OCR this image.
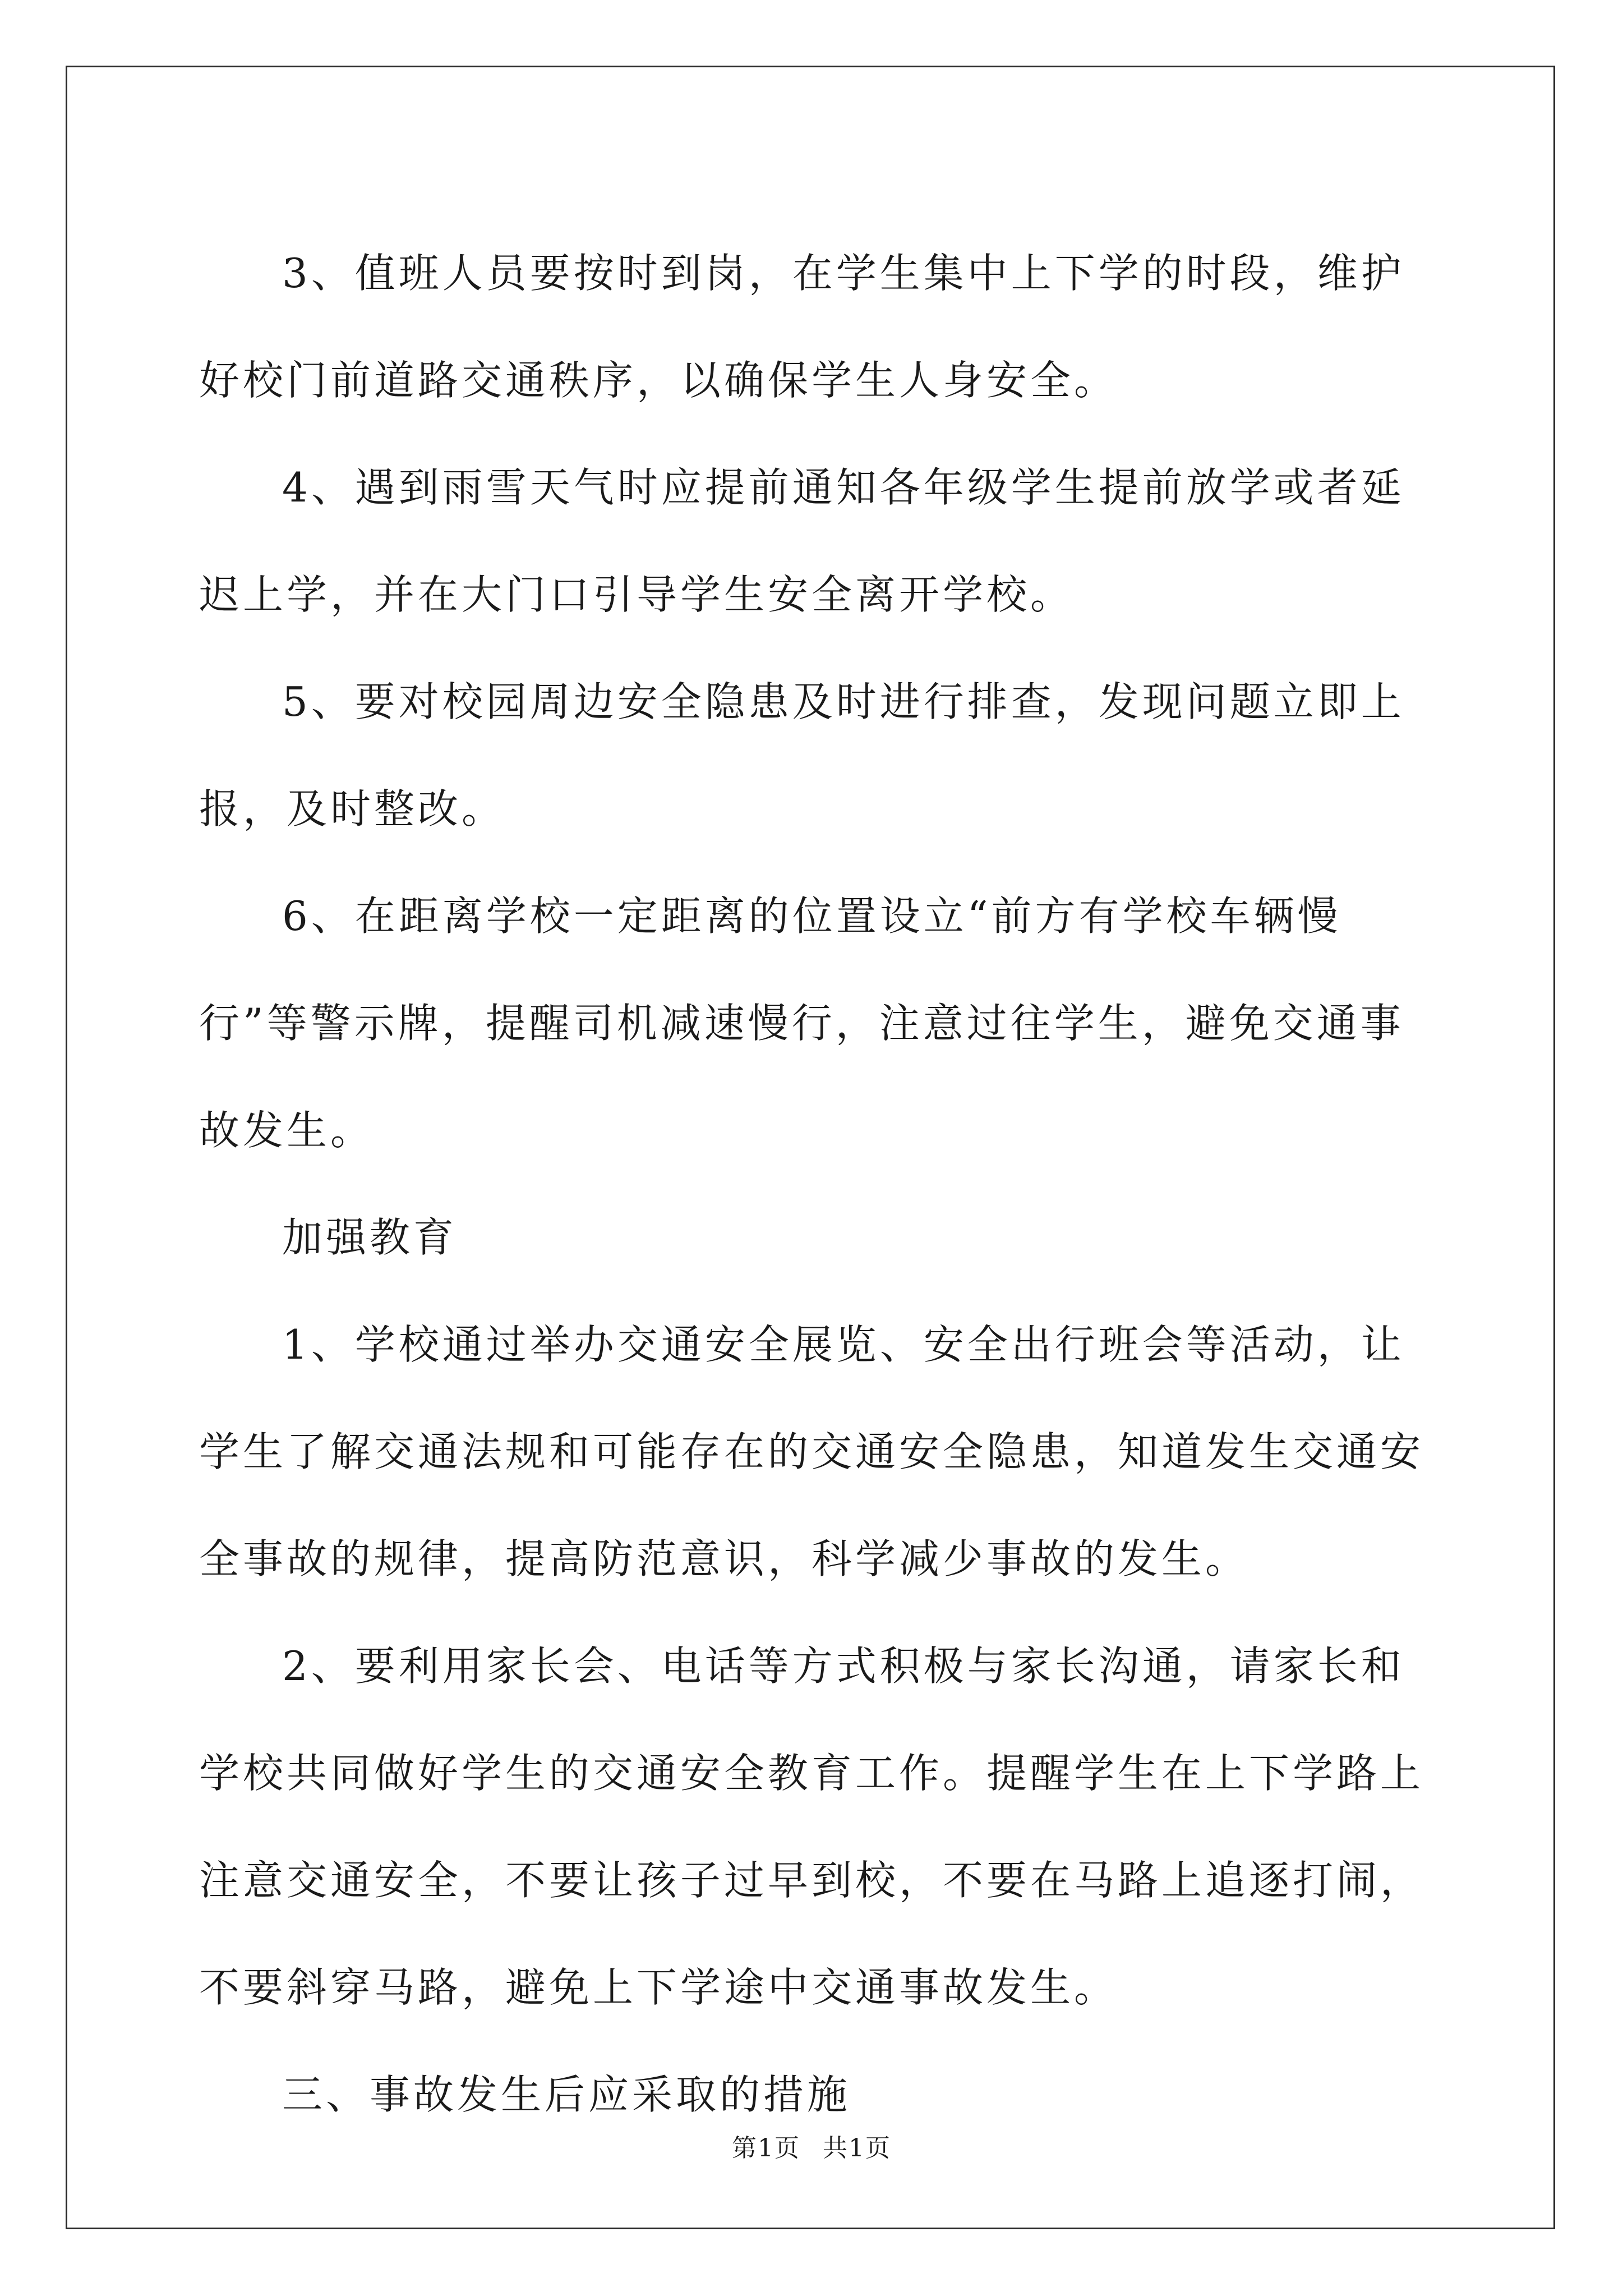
3、值班人员要按时到岗，在学生集中上下学的时段，维护好校门前道路交通秩序，以确保学生人身安全。

4、遇到雨雪天气时应提前通知各年级学生提前放学或者延迟上学，并在大门口引导学生安全离开学校。

5、要对校园周边安全隐患及时进行排查，发现问题立即上报，及时整改。

6、在距离学校一定距离的位置设立“前方有学校车辆慢行”等警示牌，提醒司机减速慢行，注意过往学生，避免交通事故发生。

加强教育

1、学校通过举办交通安全展览、安全出行班会等活动，让学生了解交通法规和可能存在的交通安全隐患，知道发生交通安全事故的规律，提高防范意识，科学减少事故的发生。

2、要利用家长会、电话等方式积极与家长沟通，请家长和学校共同做好学生的交通安全教育工作。提醒学生在上下学路上注意交通安全，不要让孩子过早到校，不要在马路上追逐打闹，不要斜穿马路，避免上下学途中交通事故发生。

三、事故发生后应采取的措施

第1页 共1页
